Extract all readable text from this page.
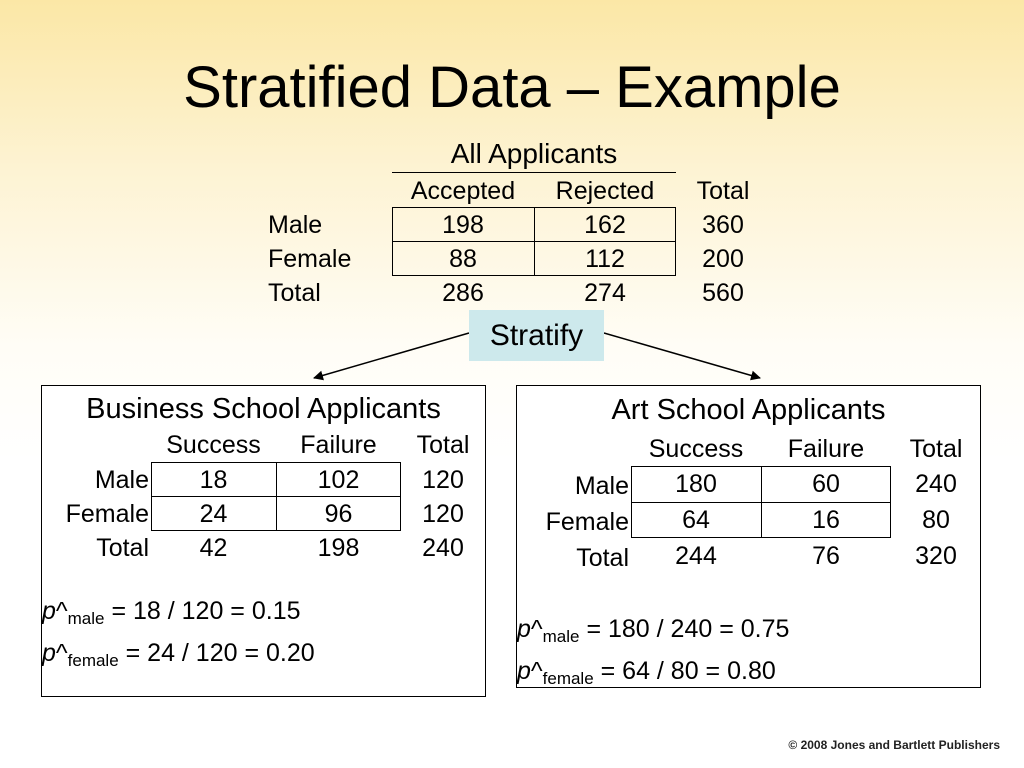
Stratified Data – Example
All Applicants
Accepted	Rejected	Total
Male	198	162	360
Female	88	112	200
Total	286	274	560
Stratify
Business School Applicants
Success	Failure	Total
Male	18	102	120
Female	24	96	120
Total	42	198	240
$p\^{}_{male} = 18 / 120 = 0.15$
$p\^{}_{female} = 24 / 120 = 0.20$
Art School Applicants
Success	Failure	Total
Male	180	60	240
Female	64	16	80
Total	244	76	320
$p\^{}_{male} = 180 / 240 = 0.75$
$p\^{}_{female} = 64 / 80 = 0.80$
© 2008 Jones and Bartlett Publishers
